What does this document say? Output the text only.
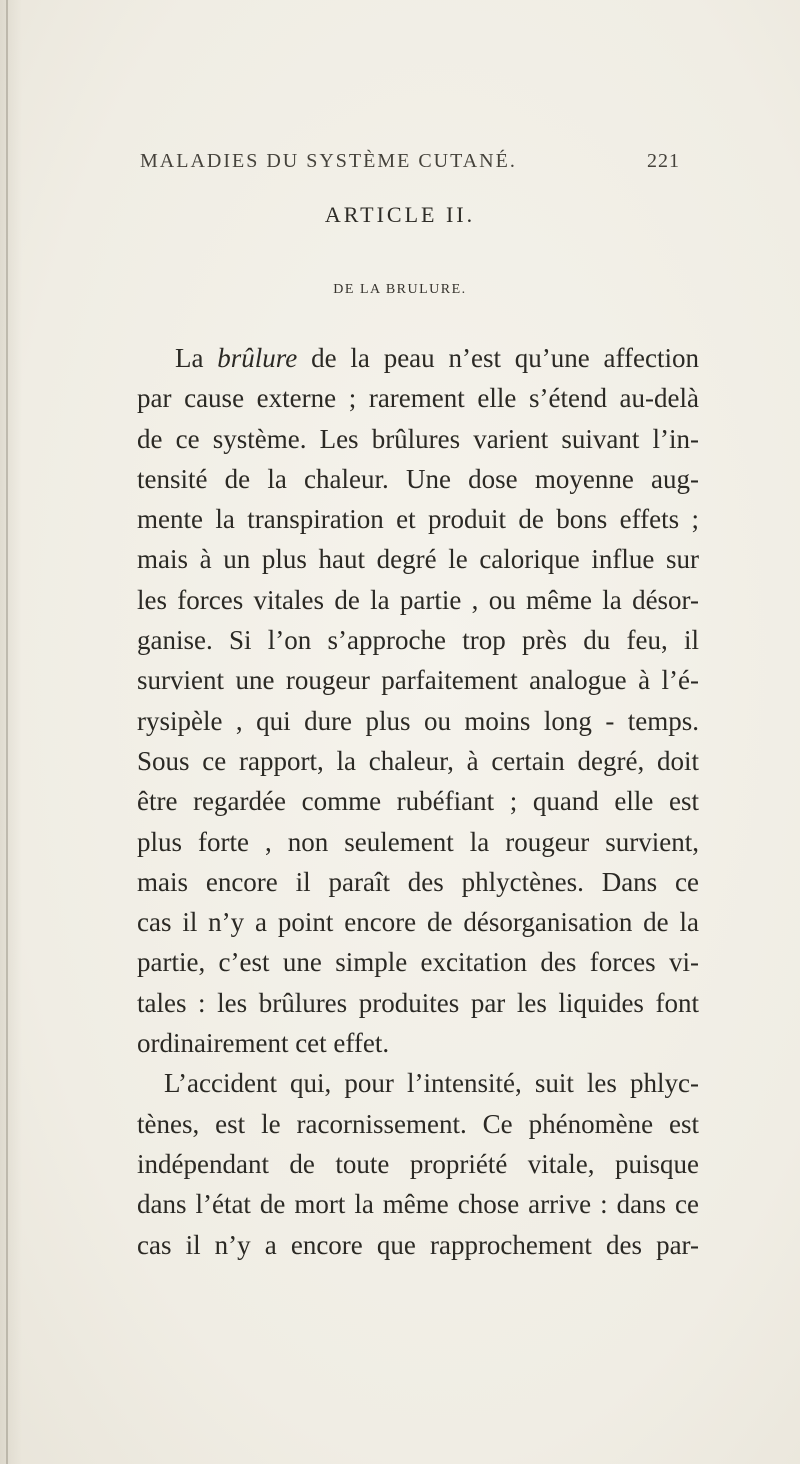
MALADIES DU SYSTÈME CUTANÉ.	221
ARTICLE II.
DE LA BRULURE.
La brûlure de la peau n’est qu’une affection
par cause externe ; rarement elle s’étend au-delà
de ce système. Les brûlures varient suivant l’in-
tensité de la chaleur. Une dose moyenne aug-
mente la transpiration et produit de bons effets ;
mais à un plus haut degré le calorique influe sur
les forces vitales de la partie , ou même la désor-
ganise. Si l’on s’approche trop près du feu, il
survient une rougeur parfaitement analogue à l’é-
rysipèle , qui dure plus ou moins long - temps.
Sous ce rapport, la chaleur, à certain degré, doit
être regardée comme rubéfiant ; quand elle est
plus forte , non seulement la rougeur survient,
mais encore il paraît des phlyctènes. Dans ce
cas il n’y a point encore de désorganisation de la
partie, c’est une simple excitation des forces vi-
tales : les brûlures produites par les liquides font
ordinairement cet effet.
L’accident qui, pour l’intensité, suit les phlyc-
tènes, est le racornissement. Ce phénomène est
indépendant de toute propriété vitale, puisque
dans l’état de mort la même chose arrive : dans ce
cas il n’y a encore que rapprochement des par-
